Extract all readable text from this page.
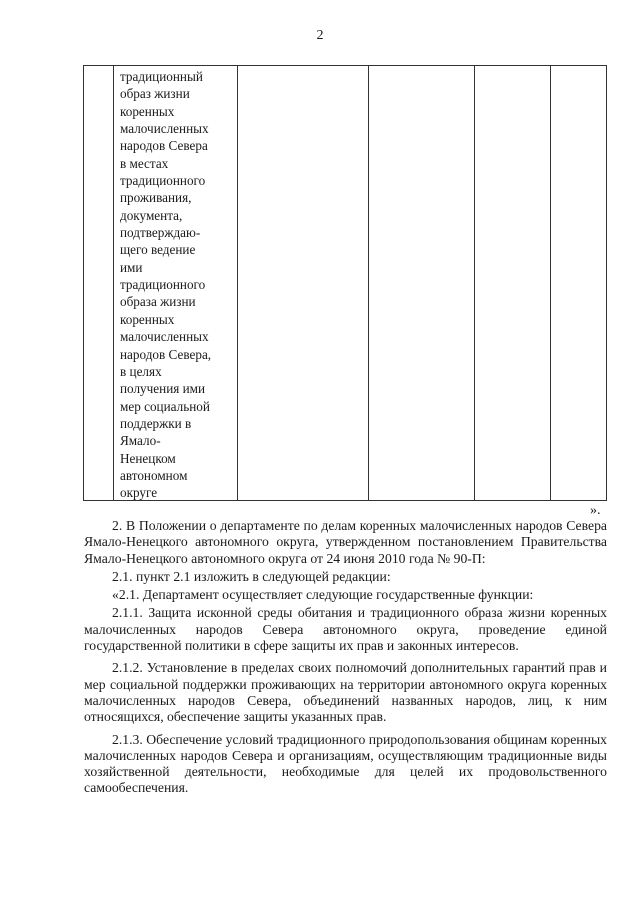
2
традиционный
образ жизни
коренных
малочисленных
народов Севера
в местах
традиционного
проживания,
документа,
подтверждаю-
щего ведение
ими
традиционного
образа жизни
коренных
малочисленных
народов Севера,
в целях
получения ими
мер социальной
поддержки в
Ямало-
Ненецком
автономном
округе
».

2. В Положении о департаменте по делам коренных малочисленных народов Севера Ямало-Ненецкого автономного округа, утвержденном постановлением Правительства Ямало-Ненецкого автономного округа от 24 июня 2010 года № 90-П:

2.1. пункт 2.1 изложить в следующей редакции:

«2.1. Департамент осуществляет следующие государственные функции:

2.1.1. Защита исконной среды обитания и традиционного образа жизни коренных малочисленных народов Севера автономного округа, проведение единой государственной политики в сфере защиты их прав и законных интересов.

2.1.2. Установление в пределах своих полномочий дополнительных гарантий прав и мер социальной поддержки проживающих на территории автономного округа коренных малочисленных народов Севера, объединений названных народов, лиц, к ним относящихся, обеспечение защиты указанных прав.

2.1.3. Обеспечение условий традиционного природопользования общинам коренных малочисленных народов Севера и организациям, осуществляющим традиционные виды хозяйственной деятельности, необходимые для целей их продовольственного самообеспечения.
